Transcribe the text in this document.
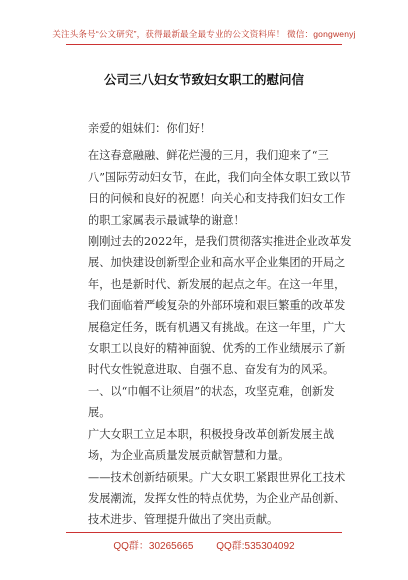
关注头条号“公文研究”，获得最新最全最专业的公文资料库！ 微信：gongwenyj
公司三八妇女节致妇女职工的慰问信

亲爱的姐妹们：你们好！

在这春意融融、鲜花烂漫的三月，我们迎来了“三八”国际劳动妇女节，在此，我们向全体女职工致以节日的问候和良好的祝愿！向关心和支持我们妇女工作的职工家属表示最诚挚的谢意！

刚刚过去的2022年，是我们贯彻落实推进企业改革发展、加快建设创新型企业和高水平企业集团的开局之年，也是新时代、新发展的起点之年。在这一年里，我们面临着严峻复杂的外部环境和艰巨繁重的改革发展稳定任务，既有机遇又有挑战。在这一年里，广大女职工以良好的精神面貌、优秀的工作业绩展示了新时代女性锐意进取、自强不息、奋发有为的风采。

一、以“巾帼不让须眉”的状态，攻坚克难，创新发展。

广大女职工立足本职，积极投身改革创新发展主战场，为企业高质量发展贡献智慧和力量。

——技术创新结硕果。广大女职工紧跟世界化工技术发展潮流，发挥女性的特点优势，为企业产品创新、技术进步、管理提升做出了突出贡献。

QQ群：30265665 QQ群:535304092
